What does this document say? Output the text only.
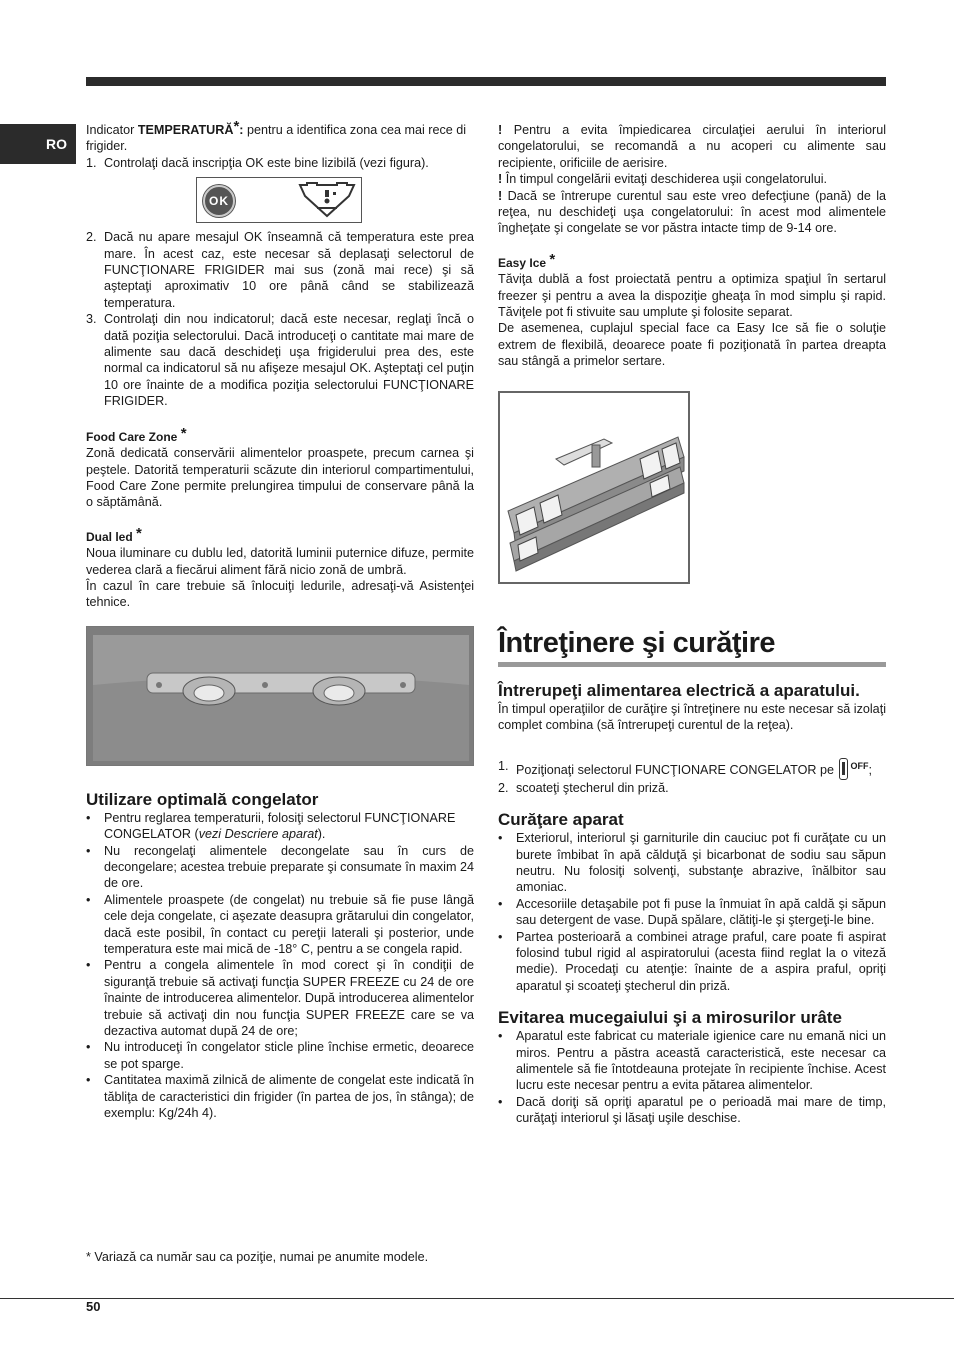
RO

Indicator TEMPERATURĂ*: pentru a identifica zona cea mai rece di frigider.

1. Controlaţi dacă inscripţia OK este bine lizibilă (vezi figura).
OK
2. Dacă nu apare mesajul OK înseamnă că temperatura este prea mare. În acest caz, este necesar să deplasaţi selectorul de FUNCŢIONARE FRIGIDER mai sus (zonă mai rece) şi să aşteptaţi aproximativ 10 ore până când se stabilizează temperatura.
3. Controlaţi din nou indicatorul; dacă este necesar, reglaţi încă o dată poziţia selectorului. Dacă introduceţi o cantitate mai mare de alimente sau dacă deschideţi uşa frigiderului prea des, este normal ca indicatorul să nu afişeze mesajul OK. Aşteptaţi cel puţin 10 ore înainte de a modifica poziţia selectorului FUNCŢIONARE FRIGIDER.
Food Care Zone *

Zonă dedicată conservării alimentelor proaspete, precum carnea şi peştele. Datorită temperaturii scăzute din interiorul compartimentului, Food Care Zone permite prelungirea timpului de conservare până la o săptămână.

Dual led *

Noua iluminare cu dublu led, datorită luminii puternice difuze, permite vederea clară a fiecărui aliment fără nicio zonă de umbră.

În cazul în care trebuie să înlocuiţi ledurile, adresaţi-vă Asistenţei tehnice.

Utilizare optimală congelator
• Pentru reglarea temperaturii, folosiţi selectorul FUNCŢIONARE CONGELATOR (vezi Descriere aparat).
• Nu recongelaţi alimentele decongelate sau în curs de decongelare; acestea trebuie preparate şi consumate în maxim 24 de ore.
• Alimentele proaspete (de congelat) nu trebuie să fie puse lângă cele deja congelate, ci aşezate deasupra grătarului din congelator, dacă este posibil, în contact cu pereţii laterali şi posterior, unde temperatura este mai mică de -18° C, pentru a se congela rapid.
• Pentru a congela alimentele în mod corect şi în condiţii de siguranţă trebuie să activaţi funcţia SUPER FREEZE cu 24 de ore înainte de introducerea alimentelor. După introducerea alimentelor trebuie să activaţi din nou funcţia SUPER FREEZE care se va dezactiva automat după 24 de ore;
• Nu introduceţi în congelator sticle pline închise ermetic, deoarece se pot sparge.
• Cantitatea maximă zilnică de alimente de congelat este indicată în tăbliţa de caracteristici din frigider (în partea de jos, în stânga); de exemplu: Kg/24h 4).

! Pentru a evita împiedicarea circulaţiei aerului în interiorul congelatorului, se recomandă a nu acoperi cu alimente sau recipiente, orificiile de aerisire.

! În timpul congelării evitaţi deschiderea uşii congelatorului.

! Dacă se întrerupe curentul sau este vreo defecţiune (pană) de la reţea, nu deschideţi uşa congelatorului: în acest mod alimentele îngheţate şi congelate se vor păstra intacte timp de 9-14 ore.

Easy Ice *

Tăviţa dublă a fost proiectată pentru a optimiza spaţiul în sertarul freezer şi pentru a avea la dispoziţie gheaţa în mod simplu şi rapid. Tăviţele pot fi stivuite sau umplute şi folosite separat.

De asemenea, cuplajul special face ca Easy Ice să fie o soluţie extrem de flexibilă, deoarece poate fi poziţionată în partea dreapta sau stângă a primelor sertare.

Întreţinere şi curăţire
Întrerupeţi alimentarea electrică a aparatului.

În timpul operaţiilor de curăţire şi întreţinere nu este necesar să izolaţi complet combina (să întrerupeţi curentul de la reţea).

1. Poziţionaţi selectorul FUNCŢIONARE CONGELATOR pe $^{OFF}$;
2. scoateţi ştecherul din priză.
Curăţare aparat
• Exteriorul, interiorul şi garniturile din cauciuc pot fi curăţate cu un burete îmbibat în apă călduţă şi bicarbonat de sodiu sau săpun neutru. Nu folosiţi solvenţi, substanţe abrazive, înălbitor sau amoniac.
• Accesoriile detaşabile pot fi puse la înmuiat în apă caldă şi săpun sau detergent de vase. După spălare, clătiţi-le şi ştergeţi-le bine.
• Partea posterioară a combinei atrage praful, care poate fi aspirat folosind tubul rigid al aspiratorului (acesta fiind reglat la o viteză medie). Procedaţi cu atenţie: înainte de a aspira praful, opriţi aparatul şi scoateţi ştecherul din priză.
Evitarea mucegaiului şi a mirosurilor urâte
• Aparatul este fabricat cu materiale igienice care nu emană nici un miros. Pentru a păstra această caracteristică, este necesar ca alimentele să fie întotdeauna protejate în recipiente închise. Acest lucru este necesar pentru a evita pătarea alimentelor.
• Dacă doriţi să opriţi aparatul pe o perioadă mai mare de timp, curăţaţi interiorul şi lăsaţi uşile deschise.
* Variază ca număr sau ca poziţie, numai pe anumite modele.
50
